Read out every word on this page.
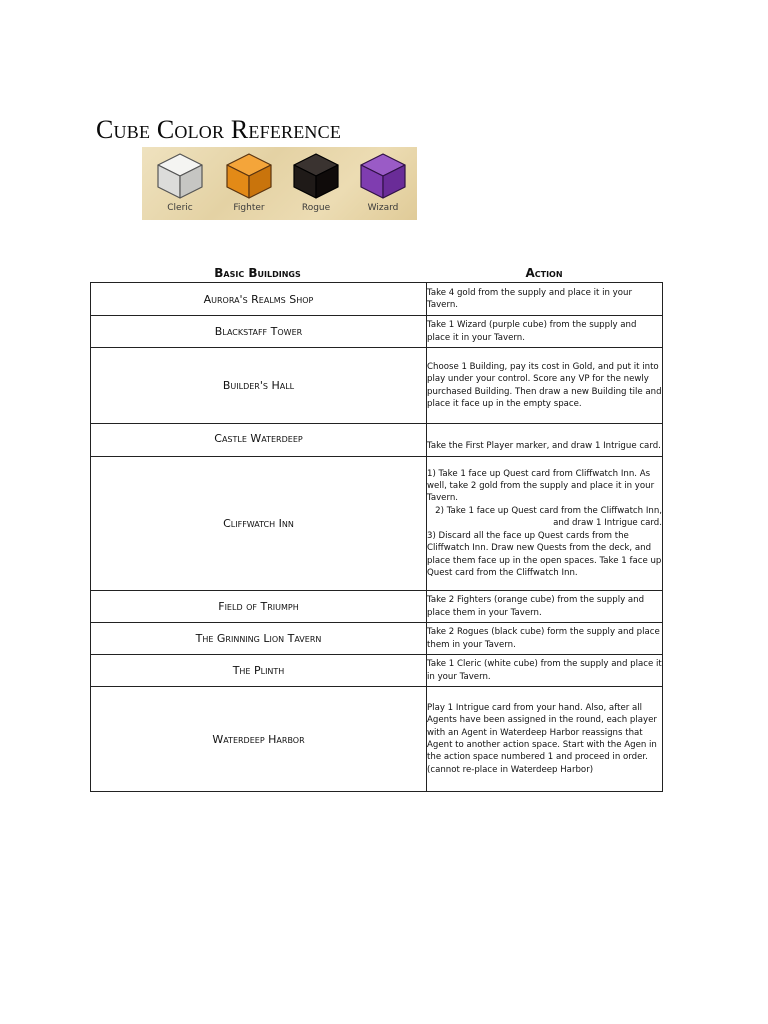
Cube Color Reference
Cleric	Fighter	Rogue	Wizard
Basic Buildings	Action
Aurora's Realms Shop	Take 4 gold from the supply and place it in your Tavern.
Blackstaff Tower	Take 1 Wizard (purple cube) from the supply and place it in your Tavern.
Builder's Hall	Choose 1 Building, pay its cost in Gold, and put it into play under your control. Score any VP for the newly purchased Building. Then draw a new Building tile and place it face up in the empty space.
Castle Waterdeep	Take the First Player marker, and draw 1 Intrigue card.
Cliffwatch Inn	1) Take 1 face up Quest card from Cliffwatch Inn. As well, take 2 gold from the supply and place it in your Tavern.
2) Take 1 face up Quest card from the Cliffwatch Inn, and draw 1 Intrigue card.
3) Discard all the face up Quest cards from the Cliffwatch Inn. Draw new Quests from the deck, and place them face up in the open spaces. Take 1 face up Quest card from the Cliffwatch Inn.

Field of Triumph	Take 2 Fighters (orange cube) from the supply and place them in your Tavern.
The Grinning Lion Tavern	Take 2 Rogues (black cube) form the supply and place them in your Tavern.
The Plinth	Take 1 Cleric (white cube) from the supply and place it in your Tavern.
Waterdeep Harbor	Play 1 Intrigue card from your hand. Also, after all Agents have been assigned in the round, each player with an Agent in Waterdeep Harbor reassigns that Agent to another action space. Start with the Agen in the action space numbered 1 and proceed in order. (cannot re-place in Waterdeep Harbor)
